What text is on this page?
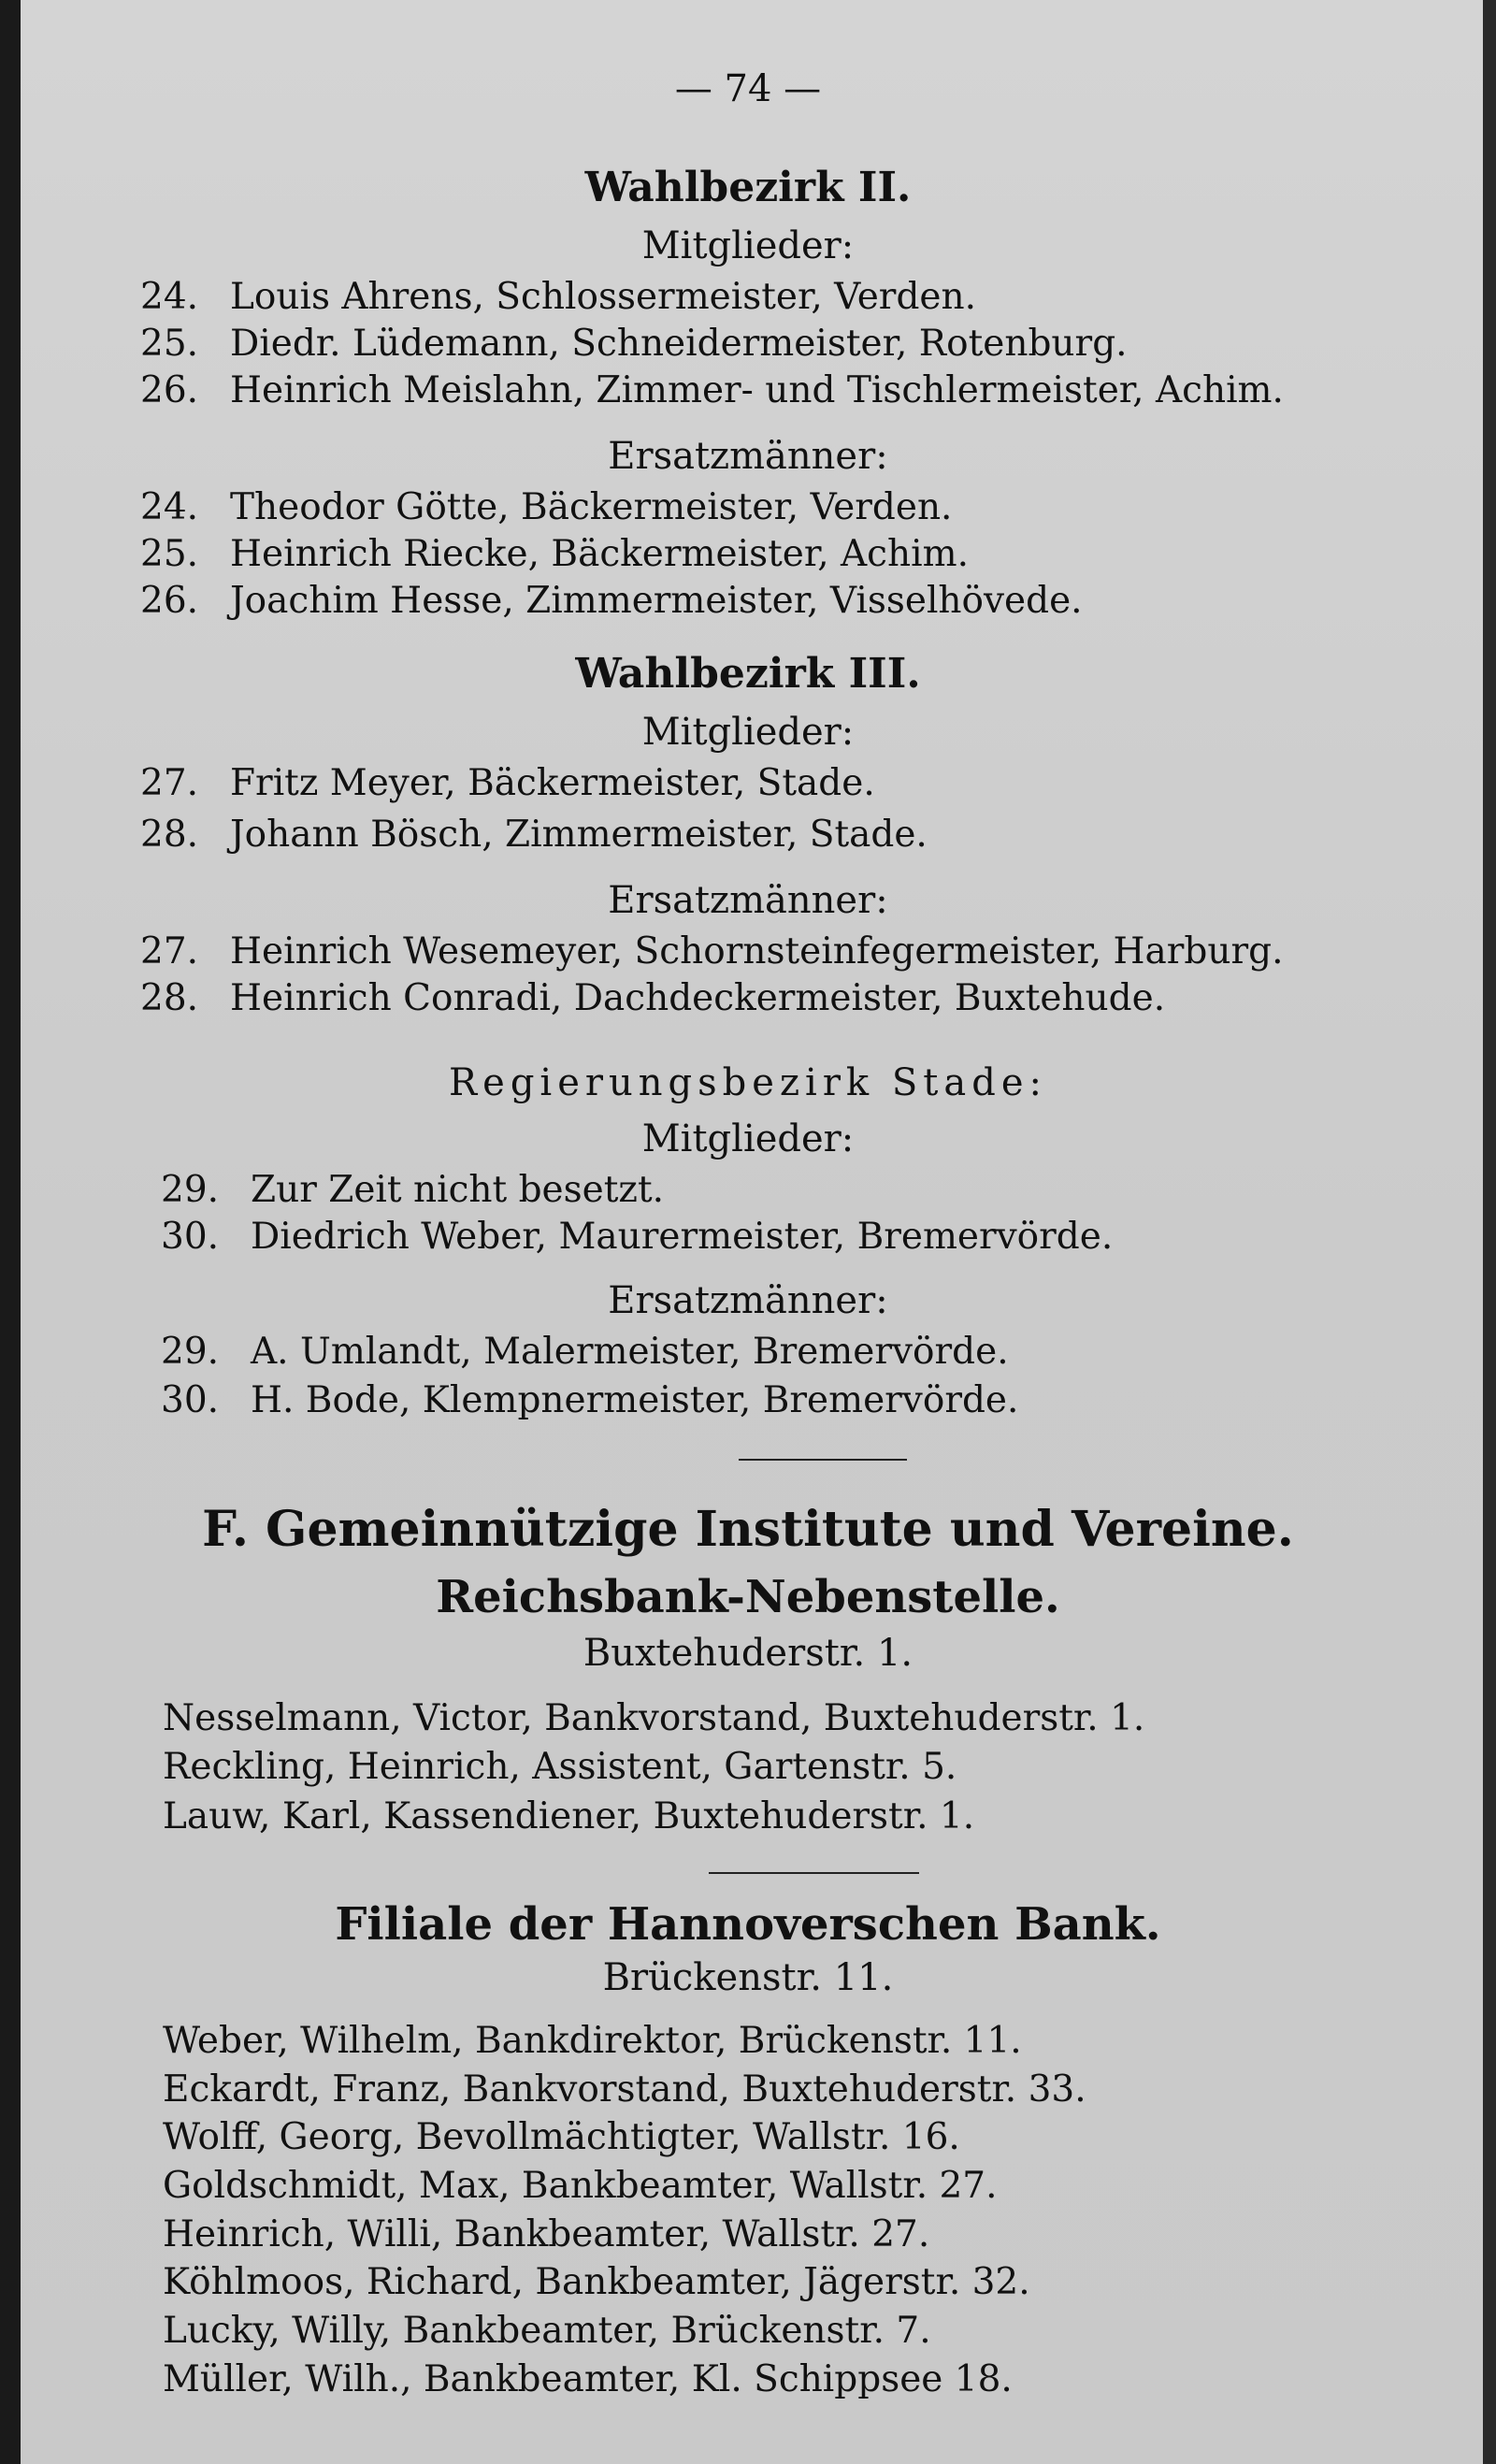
— 74 —
Wahlbezirk II.
Mitglieder:
24. Louis Ahrens, Schlossermeister, Verden.
25. Diedr. Lüdemann, Schneidermeister, Rotenburg.
26. Heinrich Meislahn, Zimmer- und Tischlermeister, Achim.
Ersatzmänner:
24. Theodor Götte, Bäckermeister, Verden.
25. Heinrich Riecke, Bäckermeister, Achim.
26. Joachim Hesse, Zimmermeister, Visselhövede.
Wahlbezirk III.
Mitglieder:
27. Fritz Meyer, Bäckermeister, Stade.
28. Johann Bösch, Zimmermeister, Stade.
Ersatzmänner:
27. Heinrich Wesemeyer, Schornsteinfegermeister, Harburg.
28. Heinrich Conradi, Dachdeckermeister, Buxtehude.
Regierungsbezirk Stade:
Mitglieder:
29. Zur Zeit nicht besetzt.
30. Diedrich Weber, Maurermeister, Bremervörde.
Ersatzmänner:
29. A. Umlandt, Malermeister, Bremervörde.
30. H. Bode, Klempnermeister, Bremervörde.
F. Gemeinnützige Institute und Vereine.
Reichsbank-Nebenstelle.
Buxtehuderstr. 1.
Nesselmann, Victor, Bankvorstand, Buxtehuderstr. 1.
Reckling, Heinrich, Assistent, Gartenstr. 5.
Lauw, Karl, Kassendiener, Buxtehuderstr. 1.
Filiale der Hannoverschen Bank.
Brückenstr. 11.
Weber, Wilhelm, Bankdirektor, Brückenstr. 11.
Eckardt, Franz, Bankvorstand, Buxtehuderstr. 33.
Wolff, Georg, Bevollmächtigter, Wallstr. 16.
Goldschmidt, Max, Bankbeamter, Wallstr. 27.
Heinrich, Willi, Bankbeamter, Wallstr. 27.
Köhlmoos, Richard, Bankbeamter, Jägerstr. 32.
Lucky, Willy, Bankbeamter, Brückenstr. 7.
Müller, Wilh., Bankbeamter, Kl. Schippsee 18.
